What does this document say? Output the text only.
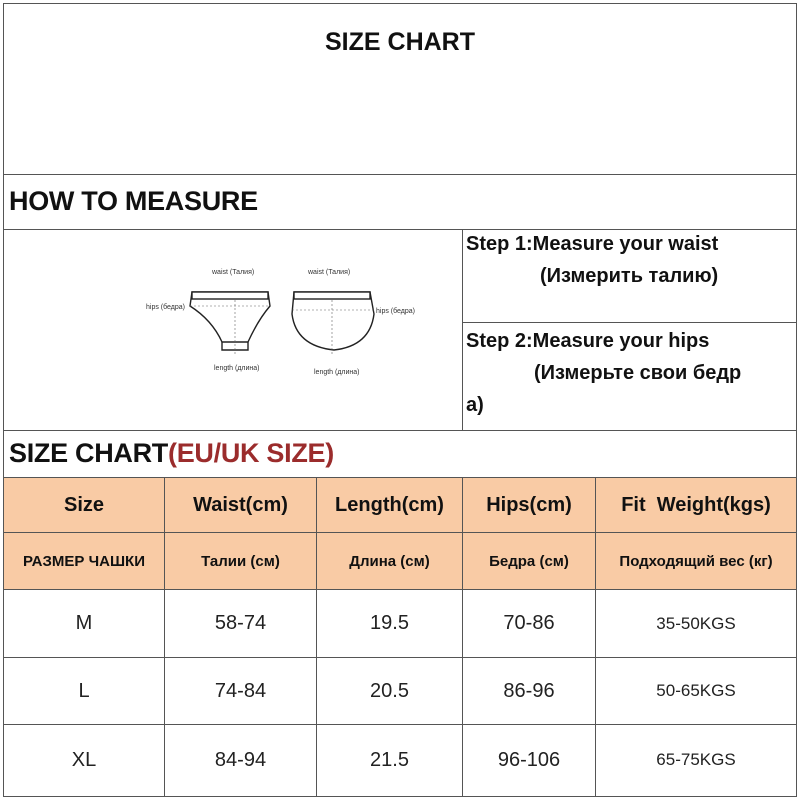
SIZE CHART
HOW TO MEASURE
waist (Талия)	waist (Талия)
hips (бедра)
length (длина)
hips (бедра)
length (длина)
Step 1:Measure your waist
(Измерить талию)
Step 2:Measure your hips
(Измерьте свои бедр
а)
SIZE CHART(EU/UK SIZE)
Size	Waist(cm)	Length(cm)	Hips(cm)	Fit  Weight(kgs)
РАЗМЕР ЧАШКИ	Талии (см)	Длина (см)	Бедра (см)	Подходящий вес (кг)
M	58-74	19.5	70-86	35-50KGS
L	74-84	20.5	86-96	50-65KGS
XL	84-94	21.5	96-106	65-75KGS
